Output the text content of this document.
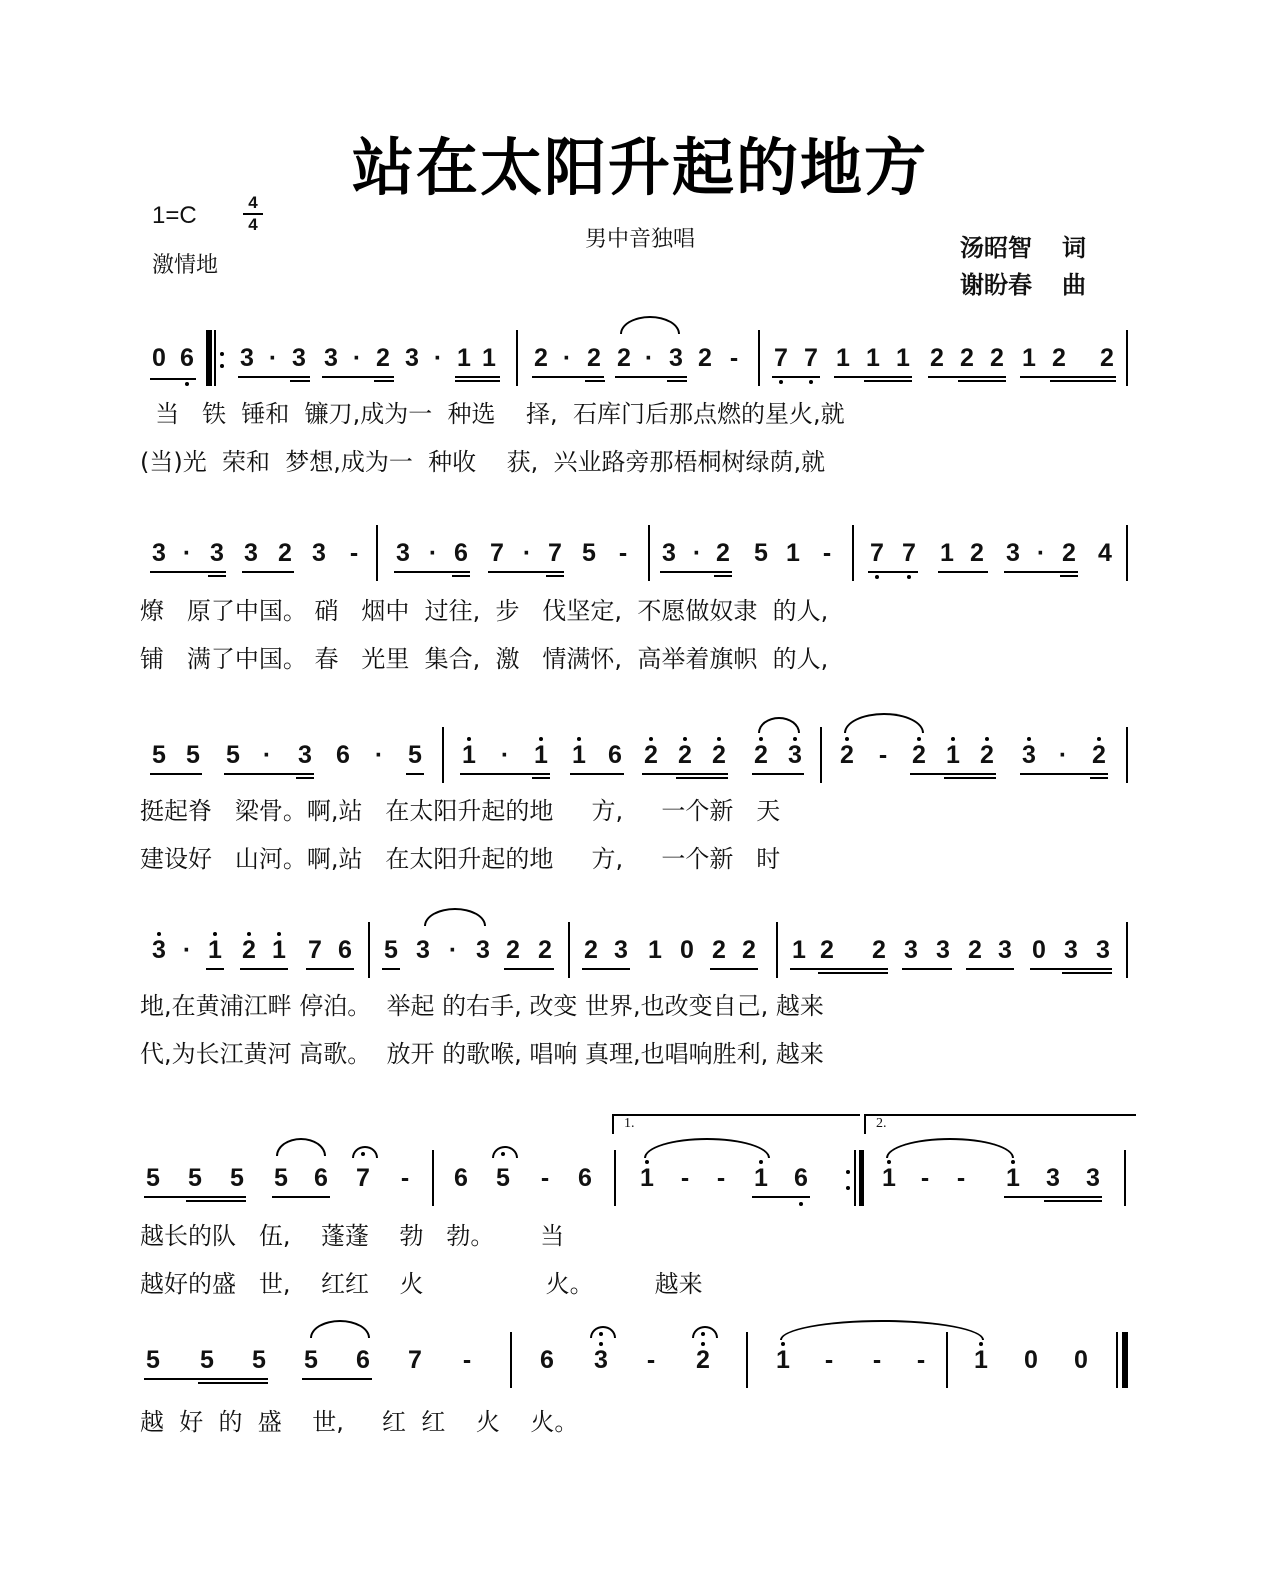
站在太阳升起的地方
1=C	4
4
激情地
男中音独唱	汤昭智 词
谢盼春 曲
0 6 3 · 3 3 · 2 3 · 1 1 2 · 2 2 · 3 2 - 7 7 1 1 1 2 2 2 1 2 2
当   铁  锤和  镰刀,成为一  种选    择,  石库门后那点燃的星火,就
(当)光  荣和  梦想,成为一  种收    获,  兴业路旁那梧桐树绿荫,就
3 · 3 3 2 3 - 3 · 6 7 · 7 5 - 3 · 2 5 1 - 7 7 1 2 3 · 2 4
燎   原了中国。 硝   烟中  过往,  步   伐坚定,  不愿做奴隶  的人,
铺   满了中国。 春   光里  集合,  激   情满怀,  高举着旗帜  的人,
5 5 5 · 3 6 · 5 1 · 1 1 6 2 2 2 2 3 2 - 2 1 2 3 · 2
挺起脊   梁骨。啊,站   在太阳升起的地     方,     一个新   天
建设好   山河。啊,站   在太阳升起的地     方,     一个新   时
3 · 1 2 1 7 6 5 3 · 3 2 2 2 3 1 0 2 2 1 2 2 3 3 2 3 0 3 3
地,在黄浦江畔 停泊。  举起 的右手, 改变 世界,也改变自己, 越来
代,为长江黄河 高歌。  放开 的歌喉, 唱响 真理,也唱响胜利, 越来
1.	2.
5 5 5 5 6 7 - 6 5 - 6 1 - - 1 6	1 - - 1 3 3
越长的队   伍,    蓬蓬    勃   勃。      当
越好的盛   世,    红红    火                火。        越来
5 5 5 5 6 7 -	6 3 - 2	1 - - - 1 0 0
越  好  的  盛    世,     红  红    火    火。
